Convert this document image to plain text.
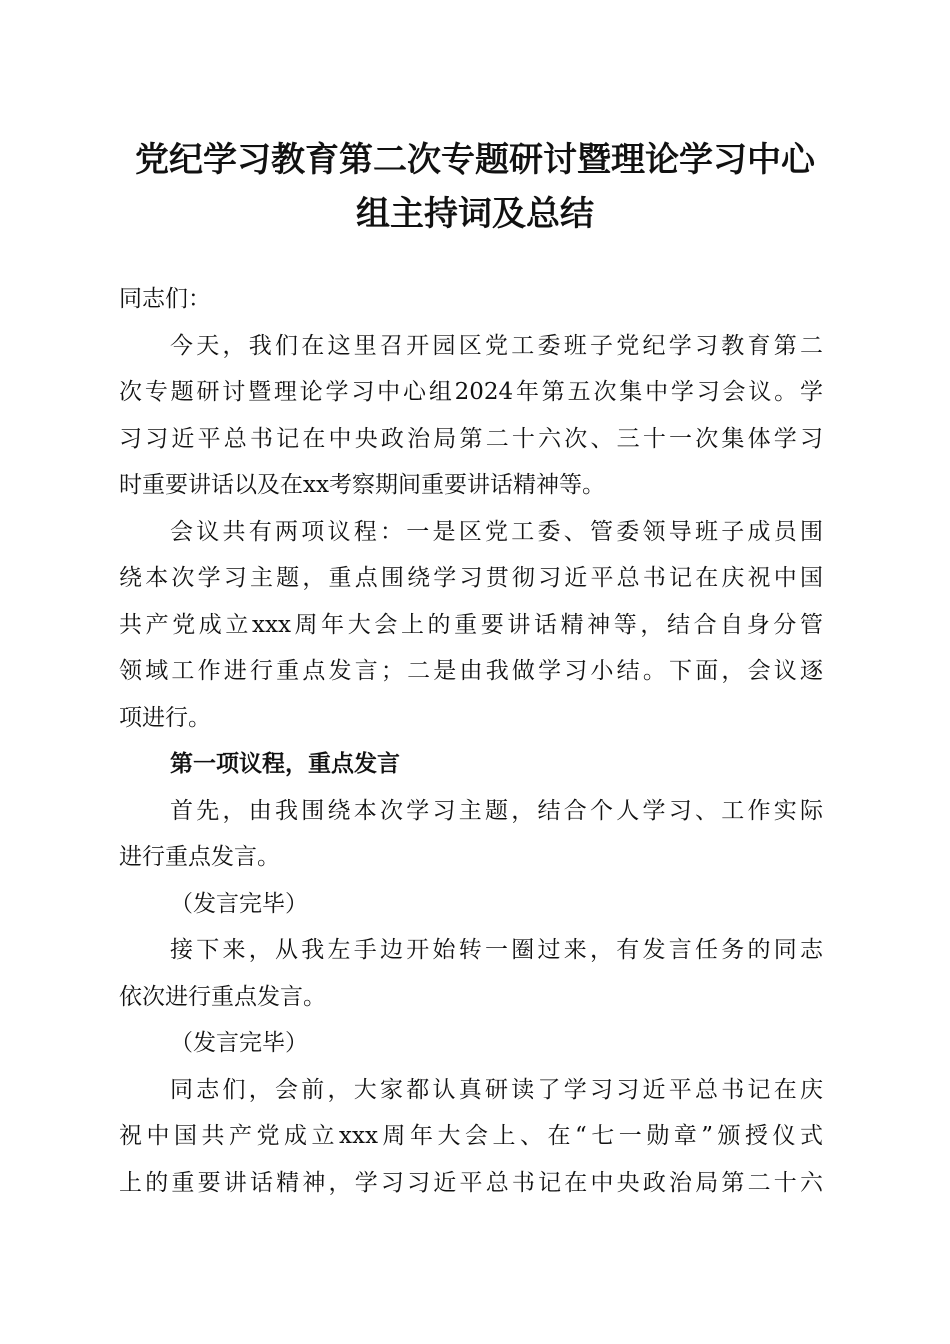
党纪学习教育第二次专题研讨暨理论学习中心
组主持词及总结

同志们：

今天，我们在这里召开园区党工委班子党纪学习教育第二
次专题研讨暨理论学习中心组2024年第五次集中学习会议。学
习习近平总书记在中央政治局第二十六次、三十一次集体学习
时重要讲话以及在xx考察期间重要讲话精神等。

会议共有两项议程：一是区党工委、管委领导班子成员围
绕本次学习主题，重点围绕学习贯彻习近平总书记在庆祝中国
共产党成立xxx周年大会上的重要讲话精神等，结合自身分管
领域工作进行重点发言；二是由我做学习小结。下面，会议逐
项进行。

第一项议程，重点发言

首先，由我围绕本次学习主题，结合个人学习、工作实际
进行重点发言。

（发言完毕）

接下来，从我左手边开始转一圈过来，有发言任务的同志
依次进行重点发言。

（发言完毕）

同志们，会前，大家都认真研读了学习习近平总书记在庆
祝中国共产党成立xxx周年大会上、在“七一勋章”颁授仪式
上的重要讲话精神，学习习近平总书记在中央政治局第二十六
